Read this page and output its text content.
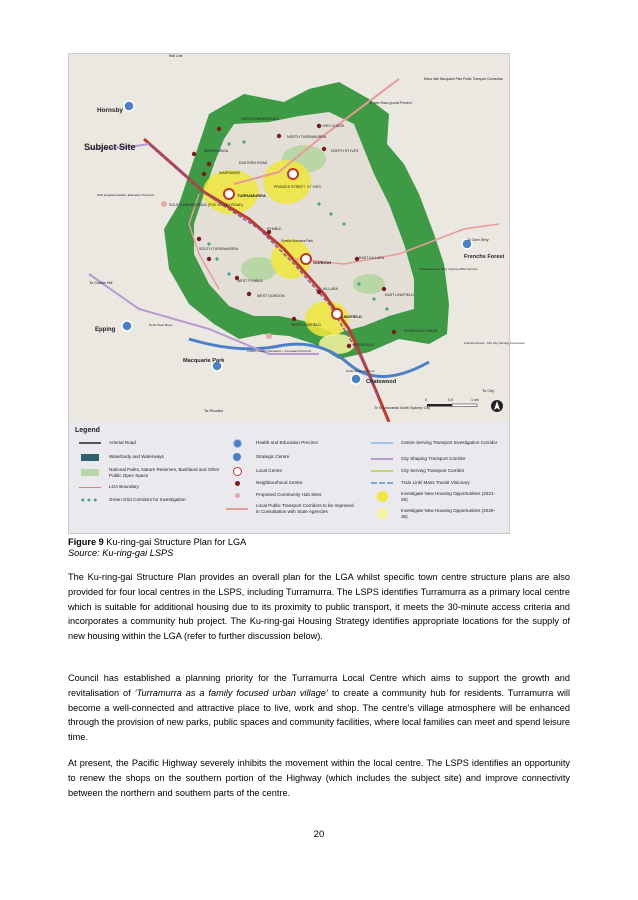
Rail Line
Mona Vale Macquarie Park Public Transport Connection
St. Ives Show ground Precinct
Hornsby
Subject Site
NORTH WAHROONGA
NORTH TURRAMURRA
ST IVES CHASE
WAHROONGA	NORTH ST IVES
EASTERN ROAD
WARRAWEE
PRINCES STREET ST IVES
TURRAMURRA
SAN Hospital (Health+ Education Precinct)
SOUTH WAHROONGA (FOX VALLEY ROAD)
PYMBLE
Pymble Business Park
SOUTH TURRAMURRA
GORDON
EAST KILLARA
To Dee Why
Frenchs Forest
Chatswood Dee Why Improved Bus Service
WEST PYMBLE
WEST GORDON
KILLARA
EAST LINDFIELD
To Castle Hill
Epping
North West Metro
LINDFIELD
WEST LINDFIELD
ROSEVILLE CHASE
CSIRO Facility (Research + Innovation Precinct)
ROSEVILLE	Frenchs Forest - City City Serving Connection
Macquarie Park
North Shore Rail Line
Chatswood
To City
To Rhodes	To St Leonards/ North Sydney/ City
0	0.5	1 km
Legend
Arterial Road
Waterbody and Waterways
National Parks, Nature Reserves, Bushland and Other Public Open Space
LGA Boundary
●●●	Green Grid Corridors for Investigation
Health and Education Precinct
Strategic Centre
Local Centre
Neighbourhood Centre
Proposed Community Hub Sites
Local Public Transport Corridors to be Improved in Consultation with State Agencies
Centre Serving Transport Investigation Corridor
City Shaping Transport Corridor
City Serving Transport Corridor
Train Link/ Mass Transit Visionary
Investigate New Housing Opportunities (2021-26)
Investigate New Housing Opportunities (2026-36)
Figure 9 Ku-ring-gai Structure Plan for LGA
Source: Ku-ring-gai LSPS

The Ku-ring-gai Structure Plan provides an overall plan for the LGA whilst specific town centre structure plans are also provided for four local centres in the LSPS, including Turramurra. The LSPS identifies Turramurra as a primary local centre which is suitable for additional housing due to its proximity to public transport, it meets the 30-minute access criteria and incorporates a community hub project. The Ku-ring-gai Housing Strategy identifies appropriate locations for the supply of new housing within the LGA (refer to further discussion below).

Council has established a planning priority for the Turramurra Local Centre which aims to support the growth and revitalisation of ‘Turramurra as a family focused urban village’ to create a community hub for residents. Turramurra will become a well-connected and attractive place to live, work and shop. The centre’s village atmosphere will be enhanced through the provision of new parks, public spaces and community facilities, where local families can meet and spend leisure time.

At present, the Pacific Highway severely inhibits the movement within the local centre. The LSPS identifies an opportunity to renew the shops on the southern portion of the Highway (which includes the subject site) and improve connectivity between the northern and southern parts of the centre.

20
